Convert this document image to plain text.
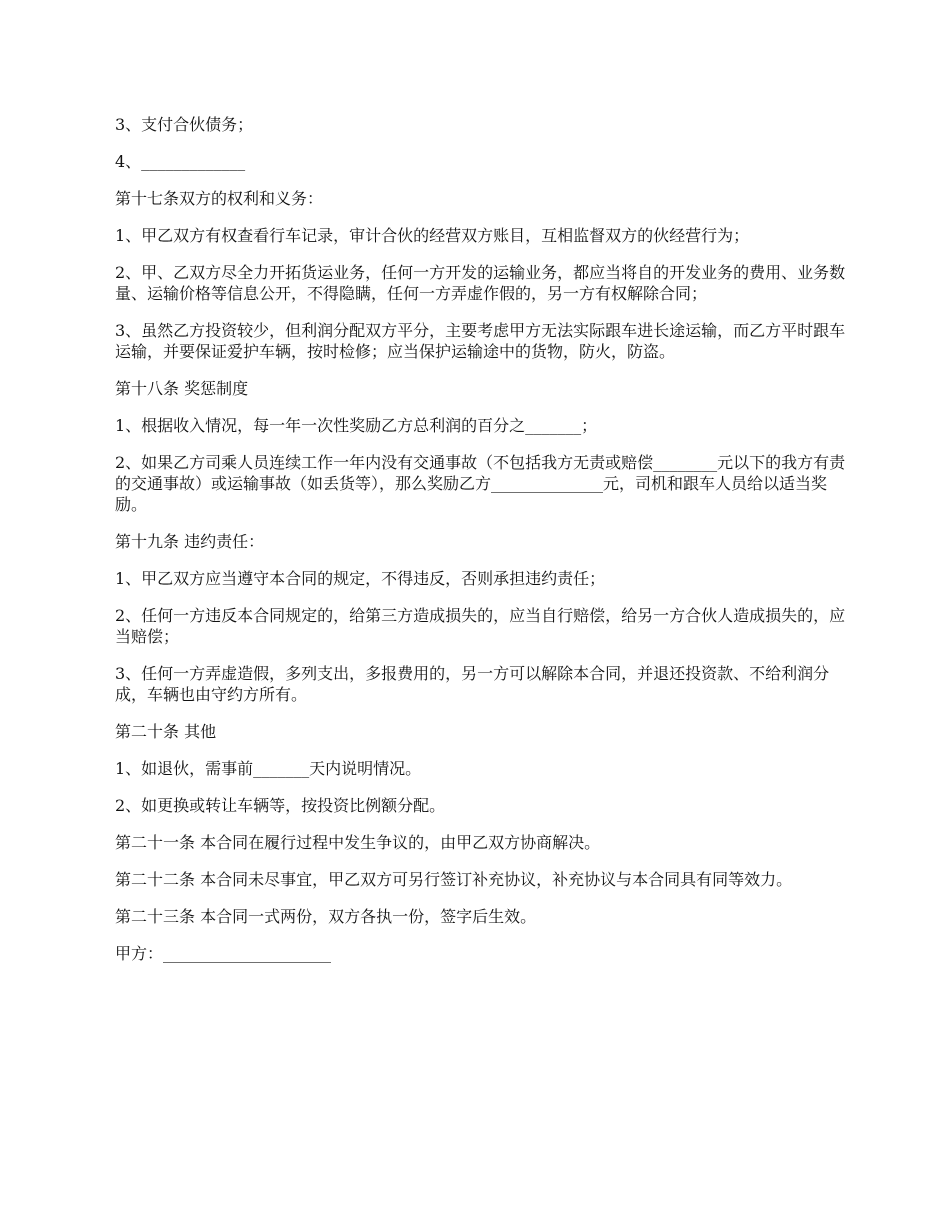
3、支付合伙债务；

4、_____________

第十七条双方的权利和义务：

1、甲乙双方有权查看行车记录，审计合伙的经营双方账目，互相监督双方的伙经营行为；

2、甲、乙双方尽全力开拓货运业务，任何一方开发的运输业务，都应当将自的开发业务的费用、业务数量、运输价格等信息公开，不得隐瞒，任何一方弄虚作假的，另一方有权解除合同；

3、虽然乙方投资较少，但利润分配双方平分，主要考虑甲方无法实际跟车进长途运输，而乙方平时跟车运输，并要保证爱护车辆，按时检修；应当保护运输途中的货物，防火，防盗。

第十八条 奖惩制度

1、根据收入情况，每一年一次性奖励乙方总利润的百分之_______；

2、如果乙方司乘人员连续工作一年内没有交通事故（不包括我方无责或赔偿________元以下的我方有责的交通事故）或运输事故（如丢货等），那么奖励乙方______________元，司机和跟车人员给以适当奖励。

第十九条 违约责任：

1、甲乙双方应当遵守本合同的规定，不得违反，否则承担违约责任；

2、任何一方违反本合同规定的，给第三方造成损失的，应当自行赔偿，给另一方合伙人造成损失的，应当赔偿；

3、任何一方弄虚造假，多列支出，多报费用的，另一方可以解除本合同，并退还投资款、不给利润分成，车辆也由守约方所有。

第二十条 其他

1、如退伙，需事前_______天内说明情况。

2、如更换或转让车辆等，按投资比例额分配。

第二十一条 本合同在履行过程中发生争议的，由甲乙双方协商解决。

第二十二条 本合同未尽事宜，甲乙双方可另行签订补充协议，补充协议与本合同具有同等效力。

第二十三条 本合同一式两份，双方各执一份，签字后生效。

甲方：_____________________
